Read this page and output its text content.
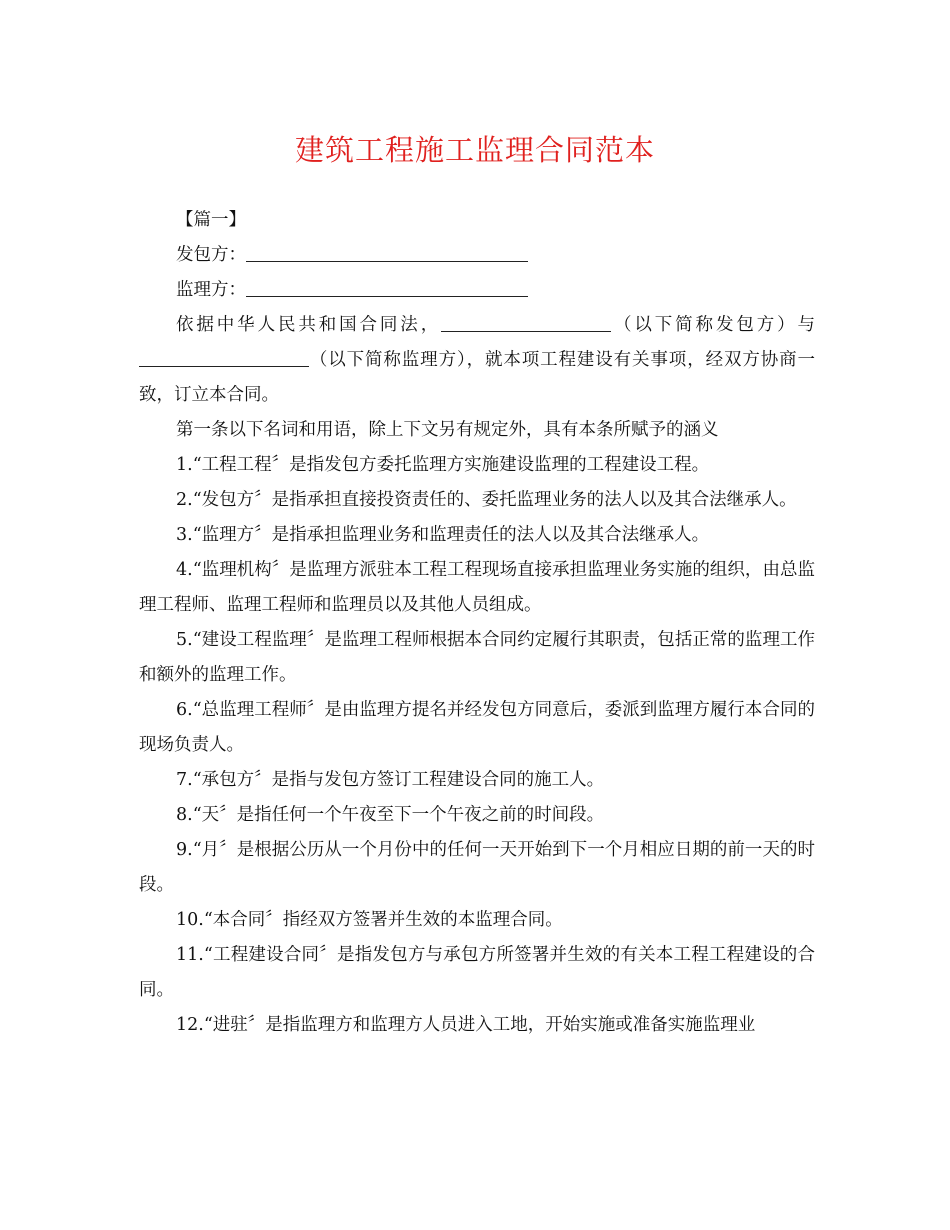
建筑工程施工监理合同范本

【篇一】

发包方：

监理方：

依据中华人民共和国合同法，	（以下简称发包方）与（以下简称监理方），就本项工程建设有关事项，经双方协商一致，订立本合同。

第一条以下名词和用语，除上下文另有规定外，具有本条所赋予的涵义

1.“工程工程〞是指发包方委托监理方实施建设监理的工程建设工程。

2.“发包方〞是指承担直接投资责任的、委托监理业务的法人以及其合法继承人。

3.“监理方〞是指承担监理业务和监理责任的法人以及其合法继承人。

4.“监理机构〞是监理方派驻本工程工程现场直接承担监理业务实施的组织，由总监理工程师、监理工程师和监理员以及其他人员组成。

5.“建设工程监理〞是监理工程师根据本合同约定履行其职责，包括正常的监理工作和额外的监理工作。

6.“总监理工程师〞是由监理方提名并经发包方同意后，委派到监理方履行本合同的现场负责人。

7.“承包方〞是指与发包方签订工程建设合同的施工人。

8.“天〞是指任何一个午夜至下一个午夜之前的时间段。

9.“月〞是根据公历从一个月份中的任何一天开始到下一个月相应日期的前一天的时段。

10.“本合同〞指经双方签署并生效的本监理合同。

11.“工程建设合同〞是指发包方与承包方所签署并生效的有关本工程工程建设的合同。

12.“进驻〞是指监理方和监理方人员进入工地，开始实施或准备实施监理业
